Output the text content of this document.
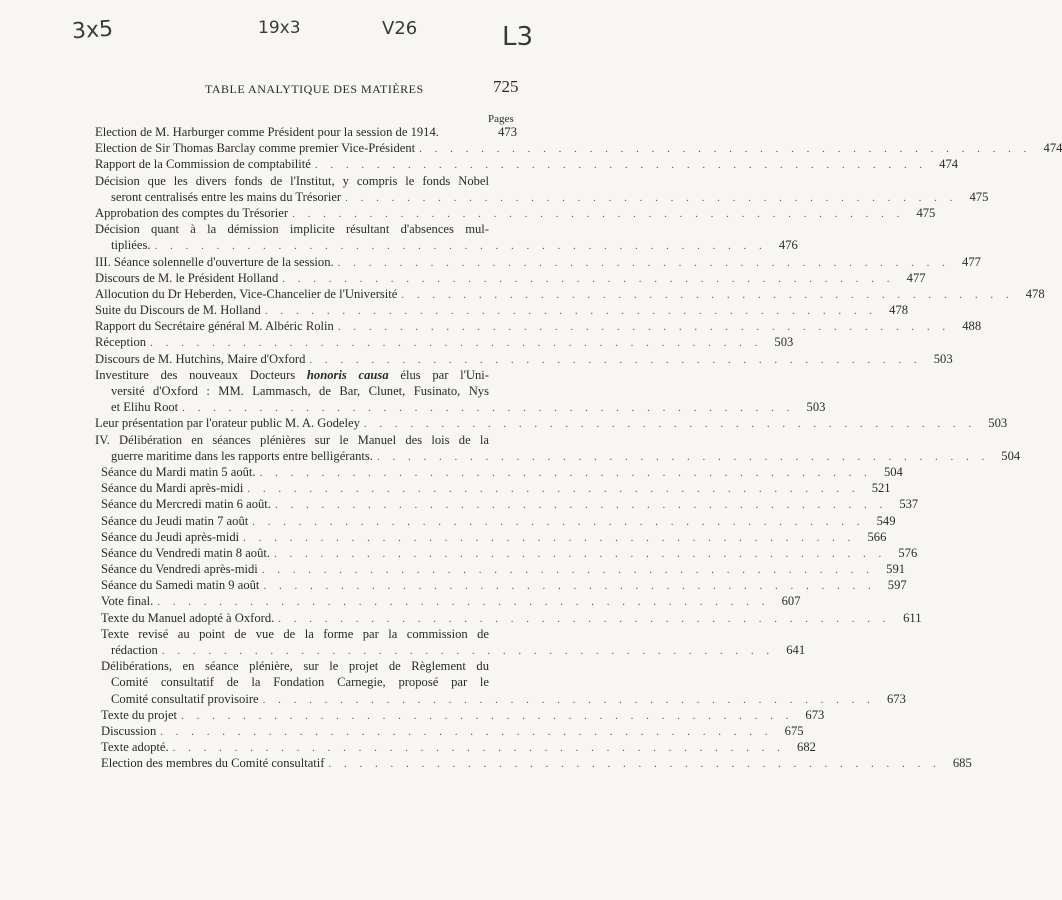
3x5	19x3	V26	L3
TABLE ANALYTIQUE DES MATIÈRES	725
Pages
Election de M. Harburger comme Président pour la session de 1914.	473
Election de Sir Thomas Barclay comme premier Vice-Président . . . . . . . . . . . . . . . . . . . . . . . . . . . . . . . . . . . . . . . . 474
Rapport de la Commission de comptabilité . . . . . . . . . . . . . . . . . . . . . . . . . . . . . . . . . . . . . . . . 474
Décision que les divers fonds de l'Institut, y compris le fonds Nobel
seront centralisés entre les mains du Trésorier . . . . . . . . . . . . . . . . . . . . . . . . . . . . . . . . . . . . . . . . 475
Approbation des comptes du Trésorier . . . . . . . . . . . . . . . . . . . . . . . . . . . . . . . . . . . . . . . . 475
Décision quant à la démission implicite résultant d'absences mul-
tipliées. . . . . . . . . . . . . . . . . . . . . . . . . . . . . . . . . . . . . . . . . 476
III. Séance solennelle d'ouverture de la session. . . . . . . . . . . . . . . . . . . . . . . . . . . . . . . . . . . . . . . . . 477
Discours de M. le Président Holland . . . . . . . . . . . . . . . . . . . . . . . . . . . . . . . . . . . . . . . . 477
Allocution du Dr Heberden, Vice-Chancelier de l'Université . . . . . . . . . . . . . . . . . . . . . . . . . . . . . . . . . . . . . . . . 478
Suite du Discours de M. Holland . . . . . . . . . . . . . . . . . . . . . . . . . . . . . . . . . . . . . . . . 478
Rapport du Secrétaire général M. Albéric Rolin . . . . . . . . . . . . . . . . . . . . . . . . . . . . . . . . . . . . . . . . 488
Réception . . . . . . . . . . . . . . . . . . . . . . . . . . . . . . . . . . . . . . . . 503
Discours de M. Hutchins, Maire d'Oxford . . . . . . . . . . . . . . . . . . . . . . . . . . . . . . . . . . . . . . . . 503
Investiture des nouveaux Docteurs honoris causa élus par l'Uni-
versité d'Oxford : MM. Lammasch, de Bar, Clunet, Fusinato, Nys
et Elihu Root . . . . . . . . . . . . . . . . . . . . . . . . . . . . . . . . . . . . . . . . 503
Leur présentation par l'orateur public M. A. Godeley . . . . . . . . . . . . . . . . . . . . . . . . . . . . . . . . . . . . . . . . 503
IV. Délibération en séances plénières sur le Manuel des lois de la
guerre maritime dans les rapports entre belligérants. . . . . . . . . . . . . . . . . . . . . . . . . . . . . . . . . . . . . . . . . 504
Séance du Mardi matin 5 août. . . . . . . . . . . . . . . . . . . . . . . . . . . . . . . . . . . . . . . . . 504
Séance du Mardi après-midi . . . . . . . . . . . . . . . . . . . . . . . . . . . . . . . . . . . . . . . . 521
Séance du Mercredi matin 6 août. . . . . . . . . . . . . . . . . . . . . . . . . . . . . . . . . . . . . . . . . 537
Séance du Jeudi matin 7 août . . . . . . . . . . . . . . . . . . . . . . . . . . . . . . . . . . . . . . . . 549
Séance du Jeudi après-midi . . . . . . . . . . . . . . . . . . . . . . . . . . . . . . . . . . . . . . . . 566
Séance du Vendredi matin 8 août. . . . . . . . . . . . . . . . . . . . . . . . . . . . . . . . . . . . . . . . . 576
Séance du Vendredi après-midi . . . . . . . . . . . . . . . . . . . . . . . . . . . . . . . . . . . . . . . . 591
Séance du Samedi matin 9 août . . . . . . . . . . . . . . . . . . . . . . . . . . . . . . . . . . . . . . . . 597
Vote final. . . . . . . . . . . . . . . . . . . . . . . . . . . . . . . . . . . . . . . . . 607
Texte du Manuel adopté à Oxford. . . . . . . . . . . . . . . . . . . . . . . . . . . . . . . . . . . . . . . . . 611
Texte revisé au point de vue de la forme par la commission de
rédaction . . . . . . . . . . . . . . . . . . . . . . . . . . . . . . . . . . . . . . . . 641
Délibérations, en séance plénière, sur le projet de Règlement du
Comité consultatif de la Fondation Carnegie, proposé par le
Comité consultatif provisoire . . . . . . . . . . . . . . . . . . . . . . . . . . . . . . . . . . . . . . . . 673
Texte du projet . . . . . . . . . . . . . . . . . . . . . . . . . . . . . . . . . . . . . . . . 673
Discussion . . . . . . . . . . . . . . . . . . . . . . . . . . . . . . . . . . . . . . . . 675
Texte adopté. . . . . . . . . . . . . . . . . . . . . . . . . . . . . . . . . . . . . . . . . 682
Election des membres du Comité consultatif . . . . . . . . . . . . . . . . . . . . . . . . . . . . . . . . . . . . . . . . 685
